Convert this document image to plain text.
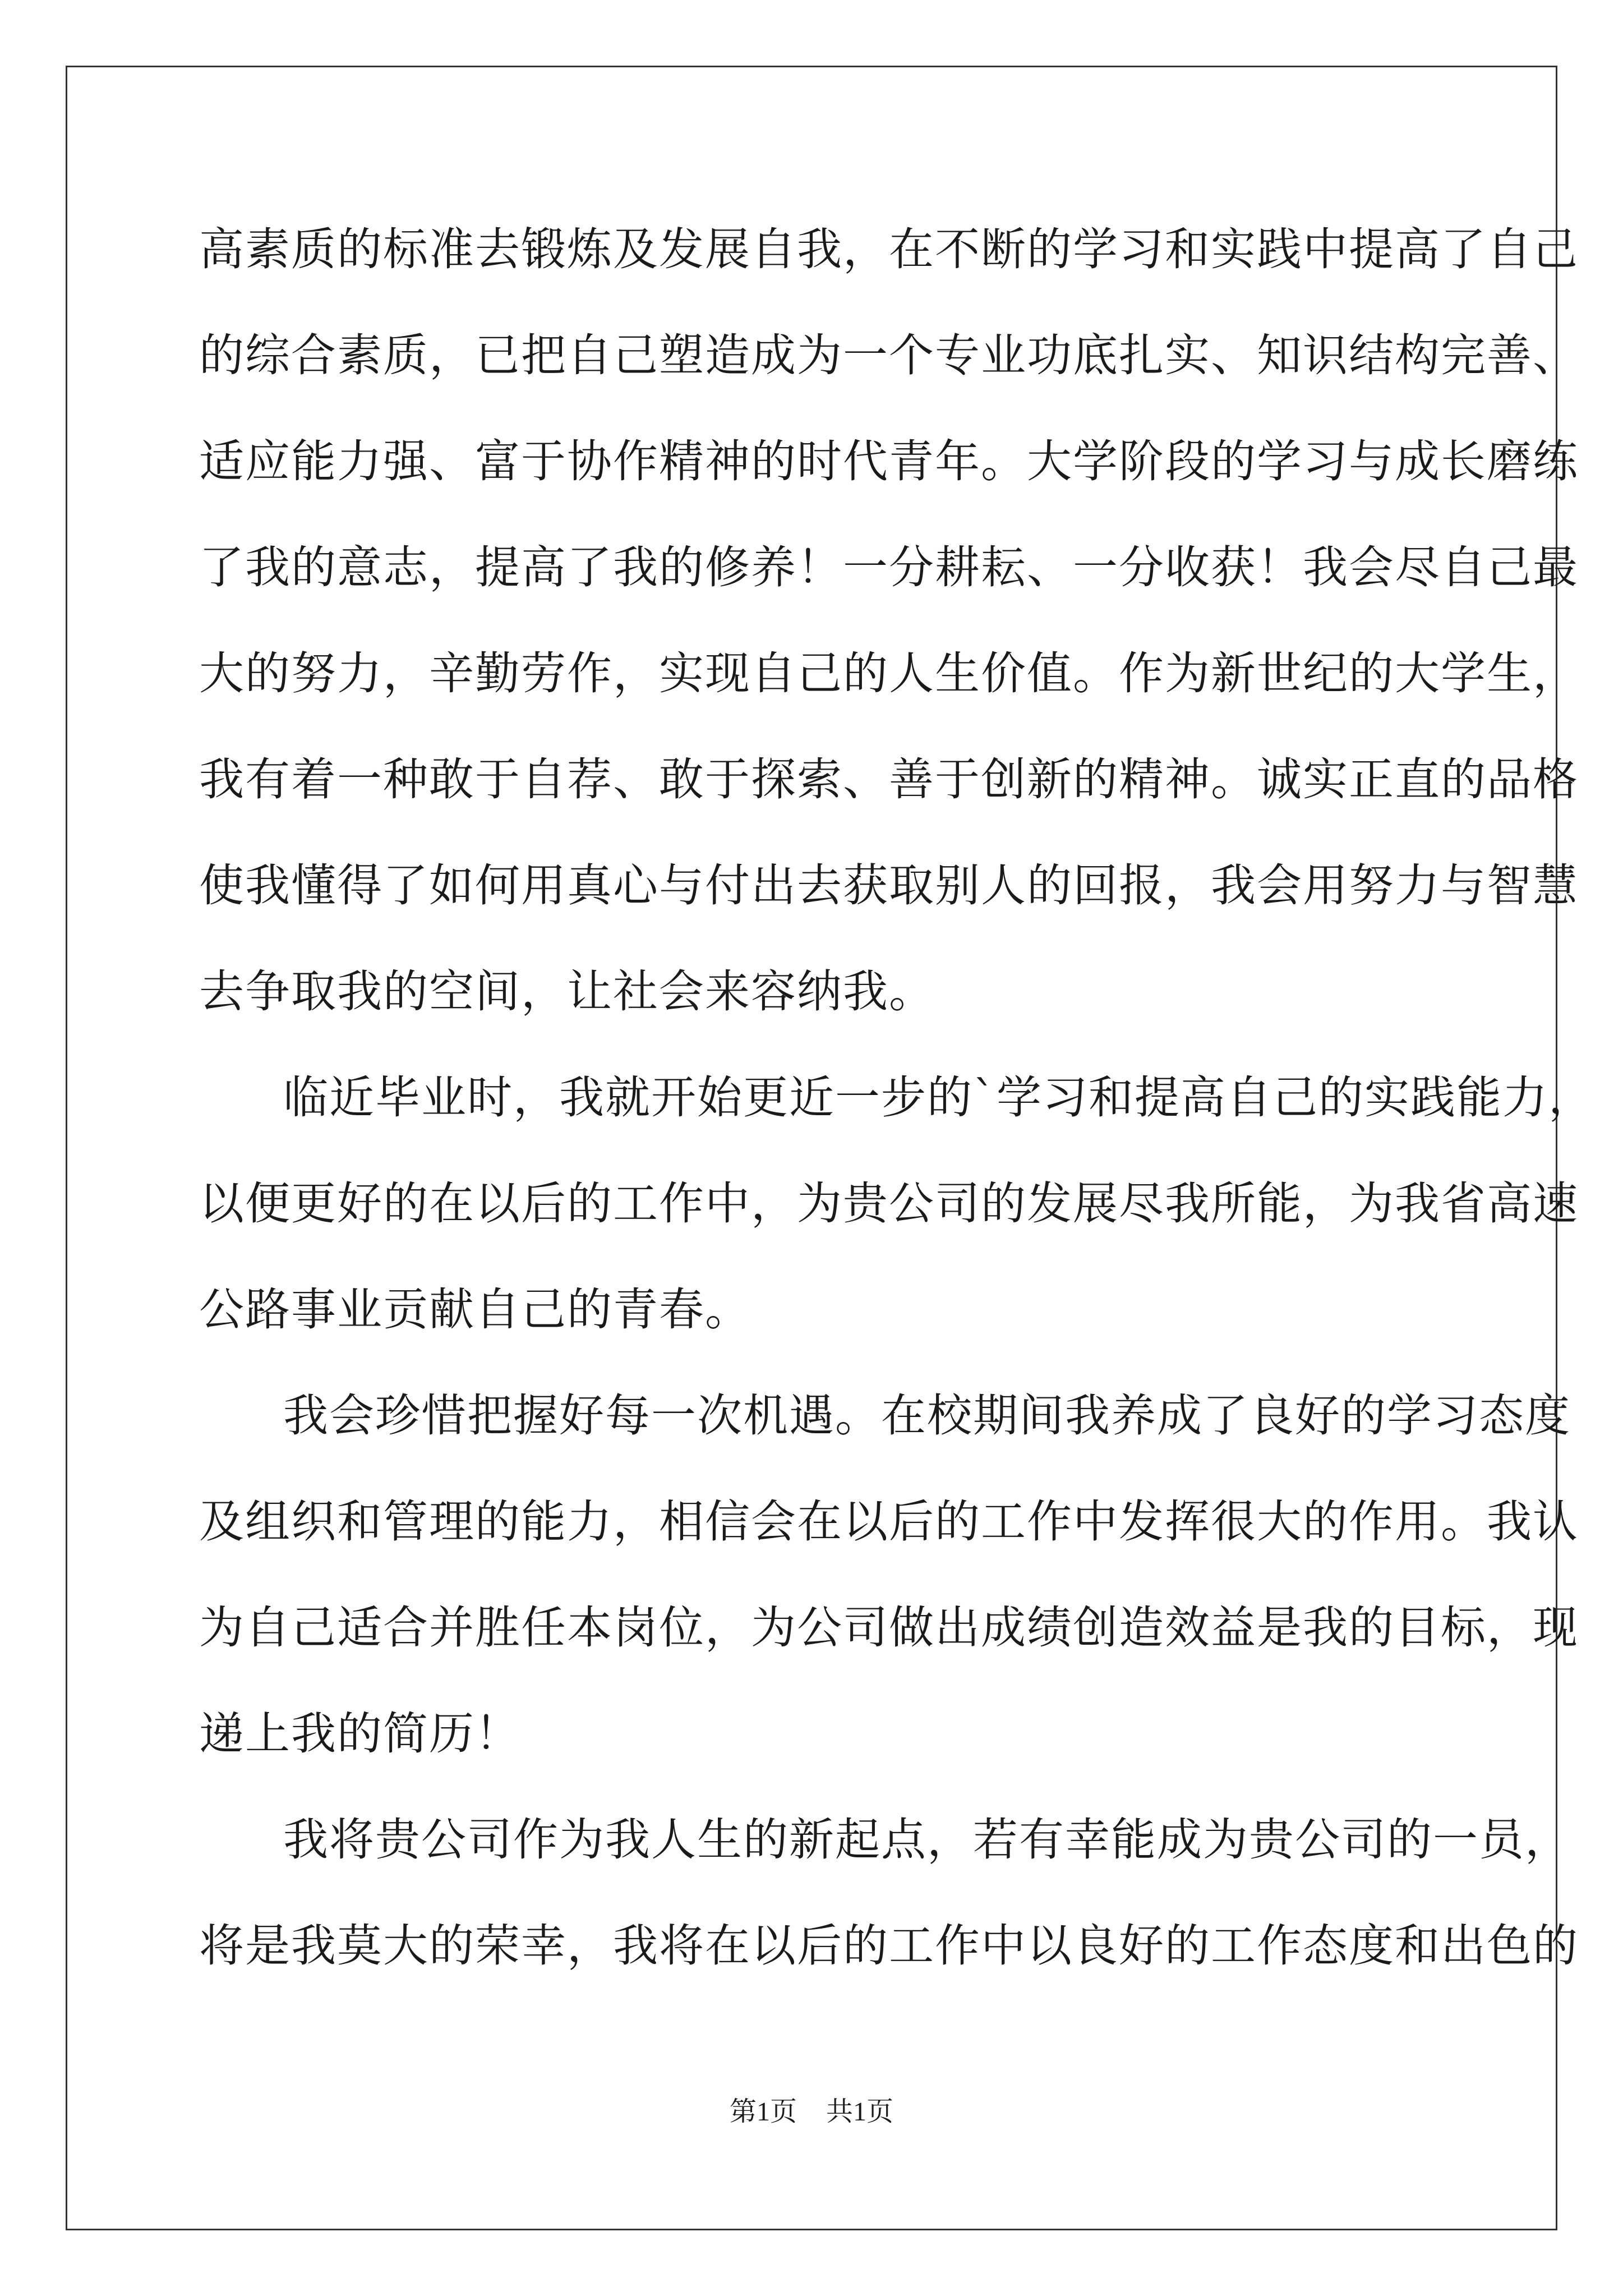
高素质的标准去锻炼及发展自我，在不断的学习和实践中提高了自己
的综合素质，已把自己塑造成为一个专业功底扎实、知识结构完善、
适应能力强、富于协作精神的时代青年。大学阶段的学习与成长磨练
了我的意志，提高了我的修养！一分耕耘、一分收获！我会尽自己最
大的努力，辛勤劳作，实现自己的人生价值。作为新世纪的大学生，
我有着一种敢于自荐、敢于探索、善于创新的精神。诚实正直的品格
使我懂得了如何用真心与付出去获取别人的回报，我会用努力与智慧
去争取我的空间，让社会来容纳我。
临近毕业时，我就开始更近一步的`学习和提高自己的实践能力，
以便更好的在以后的工作中，为贵公司的发展尽我所能，为我省高速
公路事业贡献自己的青春。
我会珍惜把握好每一次机遇。在校期间我养成了良好的学习态度
及组织和管理的能力，相信会在以后的工作中发挥很大的作用。我认
为自己适合并胜任本岗位，为公司做出成绩创造效益是我的目标，现
递上我的简历！
我将贵公司作为我人生的新起点，若有幸能成为贵公司的一员，
将是我莫大的荣幸，我将在以后的工作中以良好的工作态度和出色的
第1页 共1页
